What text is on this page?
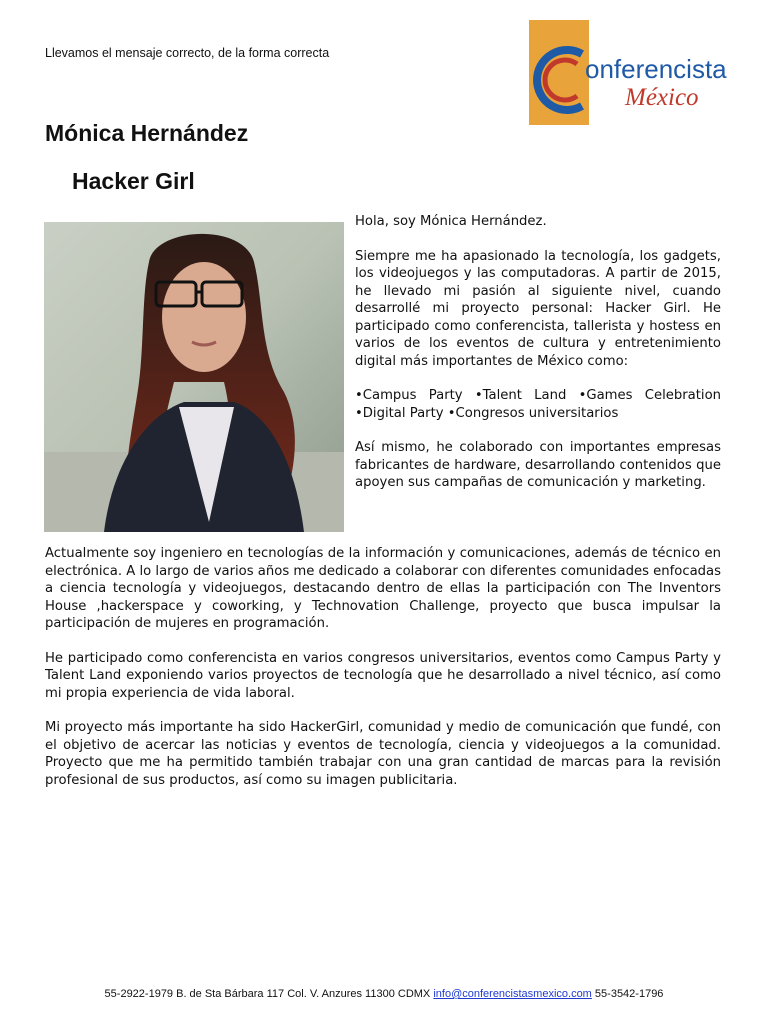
Llevamos el mensaje correcto, de la forma correcta
onferencistas
México
Mónica Hernández
Hacker Girl

Hola, soy Mónica Hernández.

Siempre me ha apasionado la tecnología, los gadgets, los videojuegos y las computadoras. A partir de 2015, he llevado mi pasión al siguiente nivel, cuando desarrollé mi proyecto personal: Hacker Girl. He participado como conferencista, tallerista y hostess en varios de los eventos de cultura y entretenimiento digital más importantes de México como:

•Campus Party •Talent Land •Games Celebration •Digital Party •Congresos universitarios

Así mismo, he colaborado con importantes empresas fabricantes de hardware, desarrollando contenidos que apoyen sus campañas de comunicación y marketing.

Actualmente soy ingeniero en tecnologías de la información y comunicaciones, además de técnico en electrónica. A lo largo de varios años me dedicado a colaborar con diferentes comunidades enfocadas a ciencia tecnología y videojuegos, destacando dentro de ellas la participación con The Inventors House ,hackerspace y coworking, y Technovation Challenge, proyecto que busca impulsar la participación de mujeres en programación.

He participado como conferencista en varios congresos universitarios, eventos como Campus Party y Talent Land exponiendo varios proyectos de tecnología que he desarrollado a nivel técnico, así como mi propia experiencia de vida laboral.

Mi proyecto más importante ha sido HackerGirl, comunidad y medio de comunicación que fundé, con el objetivo de acercar las noticias y eventos de tecnología, ciencia y videojuegos a la comunidad. Proyecto que me ha permitido también trabajar con una gran cantidad de marcas para la revisión profesional de sus productos, así como su imagen publicitaria.

55-2922-1979 B. de Sta Bárbara 117 Col. V. Anzures 11300 CDMX info@conferencistasmexico.com 55-3542-1796
